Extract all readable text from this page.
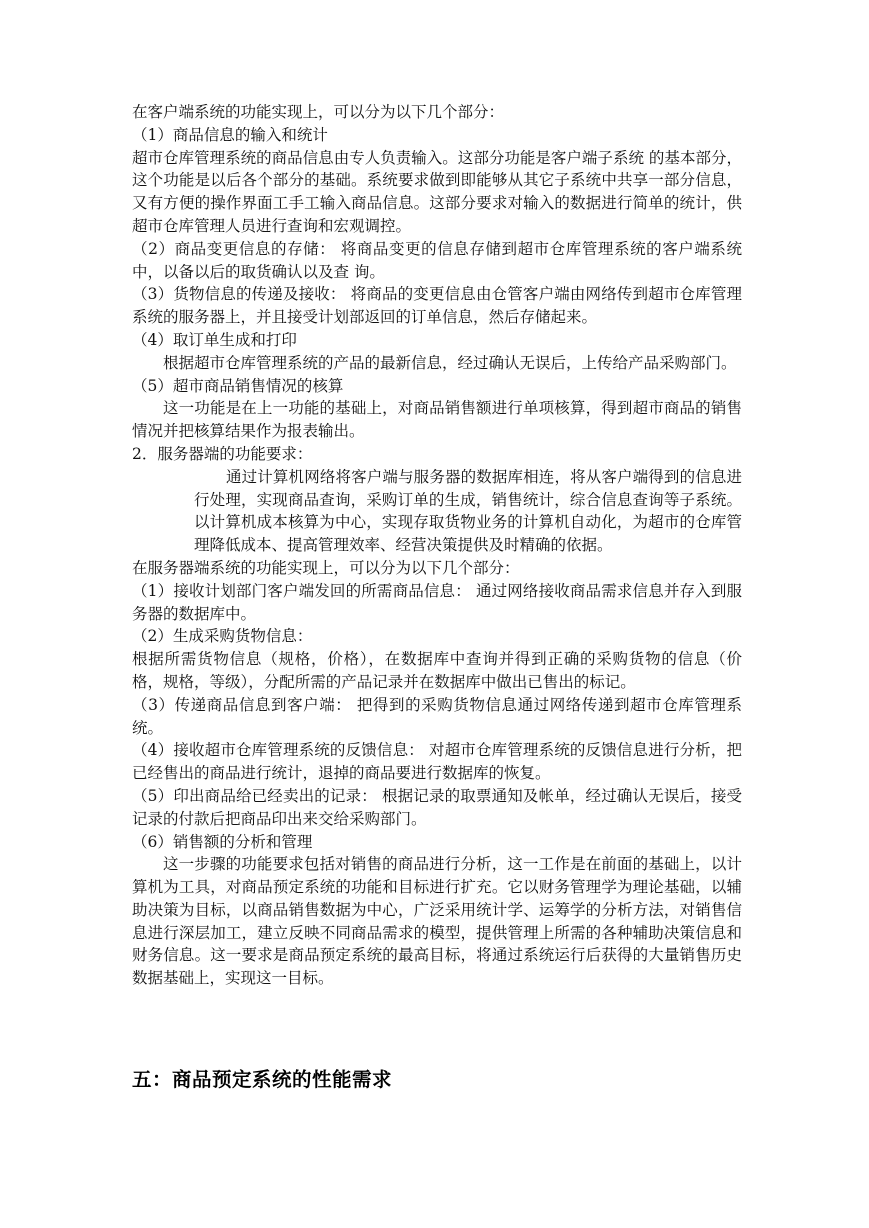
在客户端系统的功能实现上，可以分为以下几个部分：

（1）商品信息的输入和统计

超市仓库管理系统的商品信息由专人负责输入。这部分功能是客户端子系统 的基本部分，这个功能是以后各个部分的基础。系统要求做到即能够从其它子系统中共享一部分信息，又有方便的操作界面工手工输入商品信息。这部分要求对输入的数据进行简单的统计，供超市仓库管理人员进行查询和宏观调控。

（2）商品变更信息的存储： 将商品变更的信息存储到超市仓库管理系统的客户端系统中，以备以后的取货确认以及查 询。

（3）货物信息的传递及接收： 将商品的变更信息由仓管客户端由网络传到超市仓库管理系统的服务器上，并且接受计划部返回的订单信息，然后存储起来。

（4）取订单生成和打印

根据超市仓库管理系统的产品的最新信息，经过确认无误后，上传给产品采购部门。

（5）超市商品销售情况的核算

这一功能是在上一功能的基础上，对商品销售额进行单项核算，得到超市商品的销售情况并把核算结果作为报表输出。

2．服务器端的功能要求：

通过计算机网络将客户端与服务器的数据库相连，将从客户端得到的信息进行处理，实现商品查询，采购订单的生成，销售统计，综合信息查询等子系统。以计算机成本核算为中心，实现存取货物业务的计算机自动化，为超市的仓库管理降低成本、提高管理效率、经营决策提供及时精确的依据。

在服务器端系统的功能实现上，可以分为以下几个部分：

（1）接收计划部门客户端发回的所需商品信息： 通过网络接收商品需求信息并存入到服务器的数据库中。

（2）生成采购货物信息：

根据所需货物信息（规格，价格），在数据库中查询并得到正确的采购货物的信息（价格，规格，等级），分配所需的产品记录并在数据库中做出已售出的标记。

（3）传递商品信息到客户端： 把得到的采购货物信息通过网络传递到超市仓库管理系统。

（4）接收超市仓库管理系统的反馈信息： 对超市仓库管理系统的反馈信息进行分析，把已经售出的商品进行统计，退掉的商品要进行数据库的恢复。

（5）印出商品给已经卖出的记录： 根据记录的取票通知及帐单，经过确认无误后，接受记录的付款后把商品印出来交给采购部门。

（6）销售额的分析和管理

这一步骤的功能要求包括对销售的商品进行分析，这一工作是在前面的基础上，以计算机为工具，对商品预定系统的功能和目标进行扩充。它以财务管理学为理论基础，以辅助决策为目标，以商品销售数据为中心，广泛采用统计学、运筹学的分析方法，对销售信息进行深层加工，建立反映不同商品需求的模型，提供管理上所需的各种辅助决策信息和财务信息。这一要求是商品预定系统的最高目标，将通过系统运行后获得的大量销售历史数据基础上，实现这一目标。

五：商品预定系统的性能需求
